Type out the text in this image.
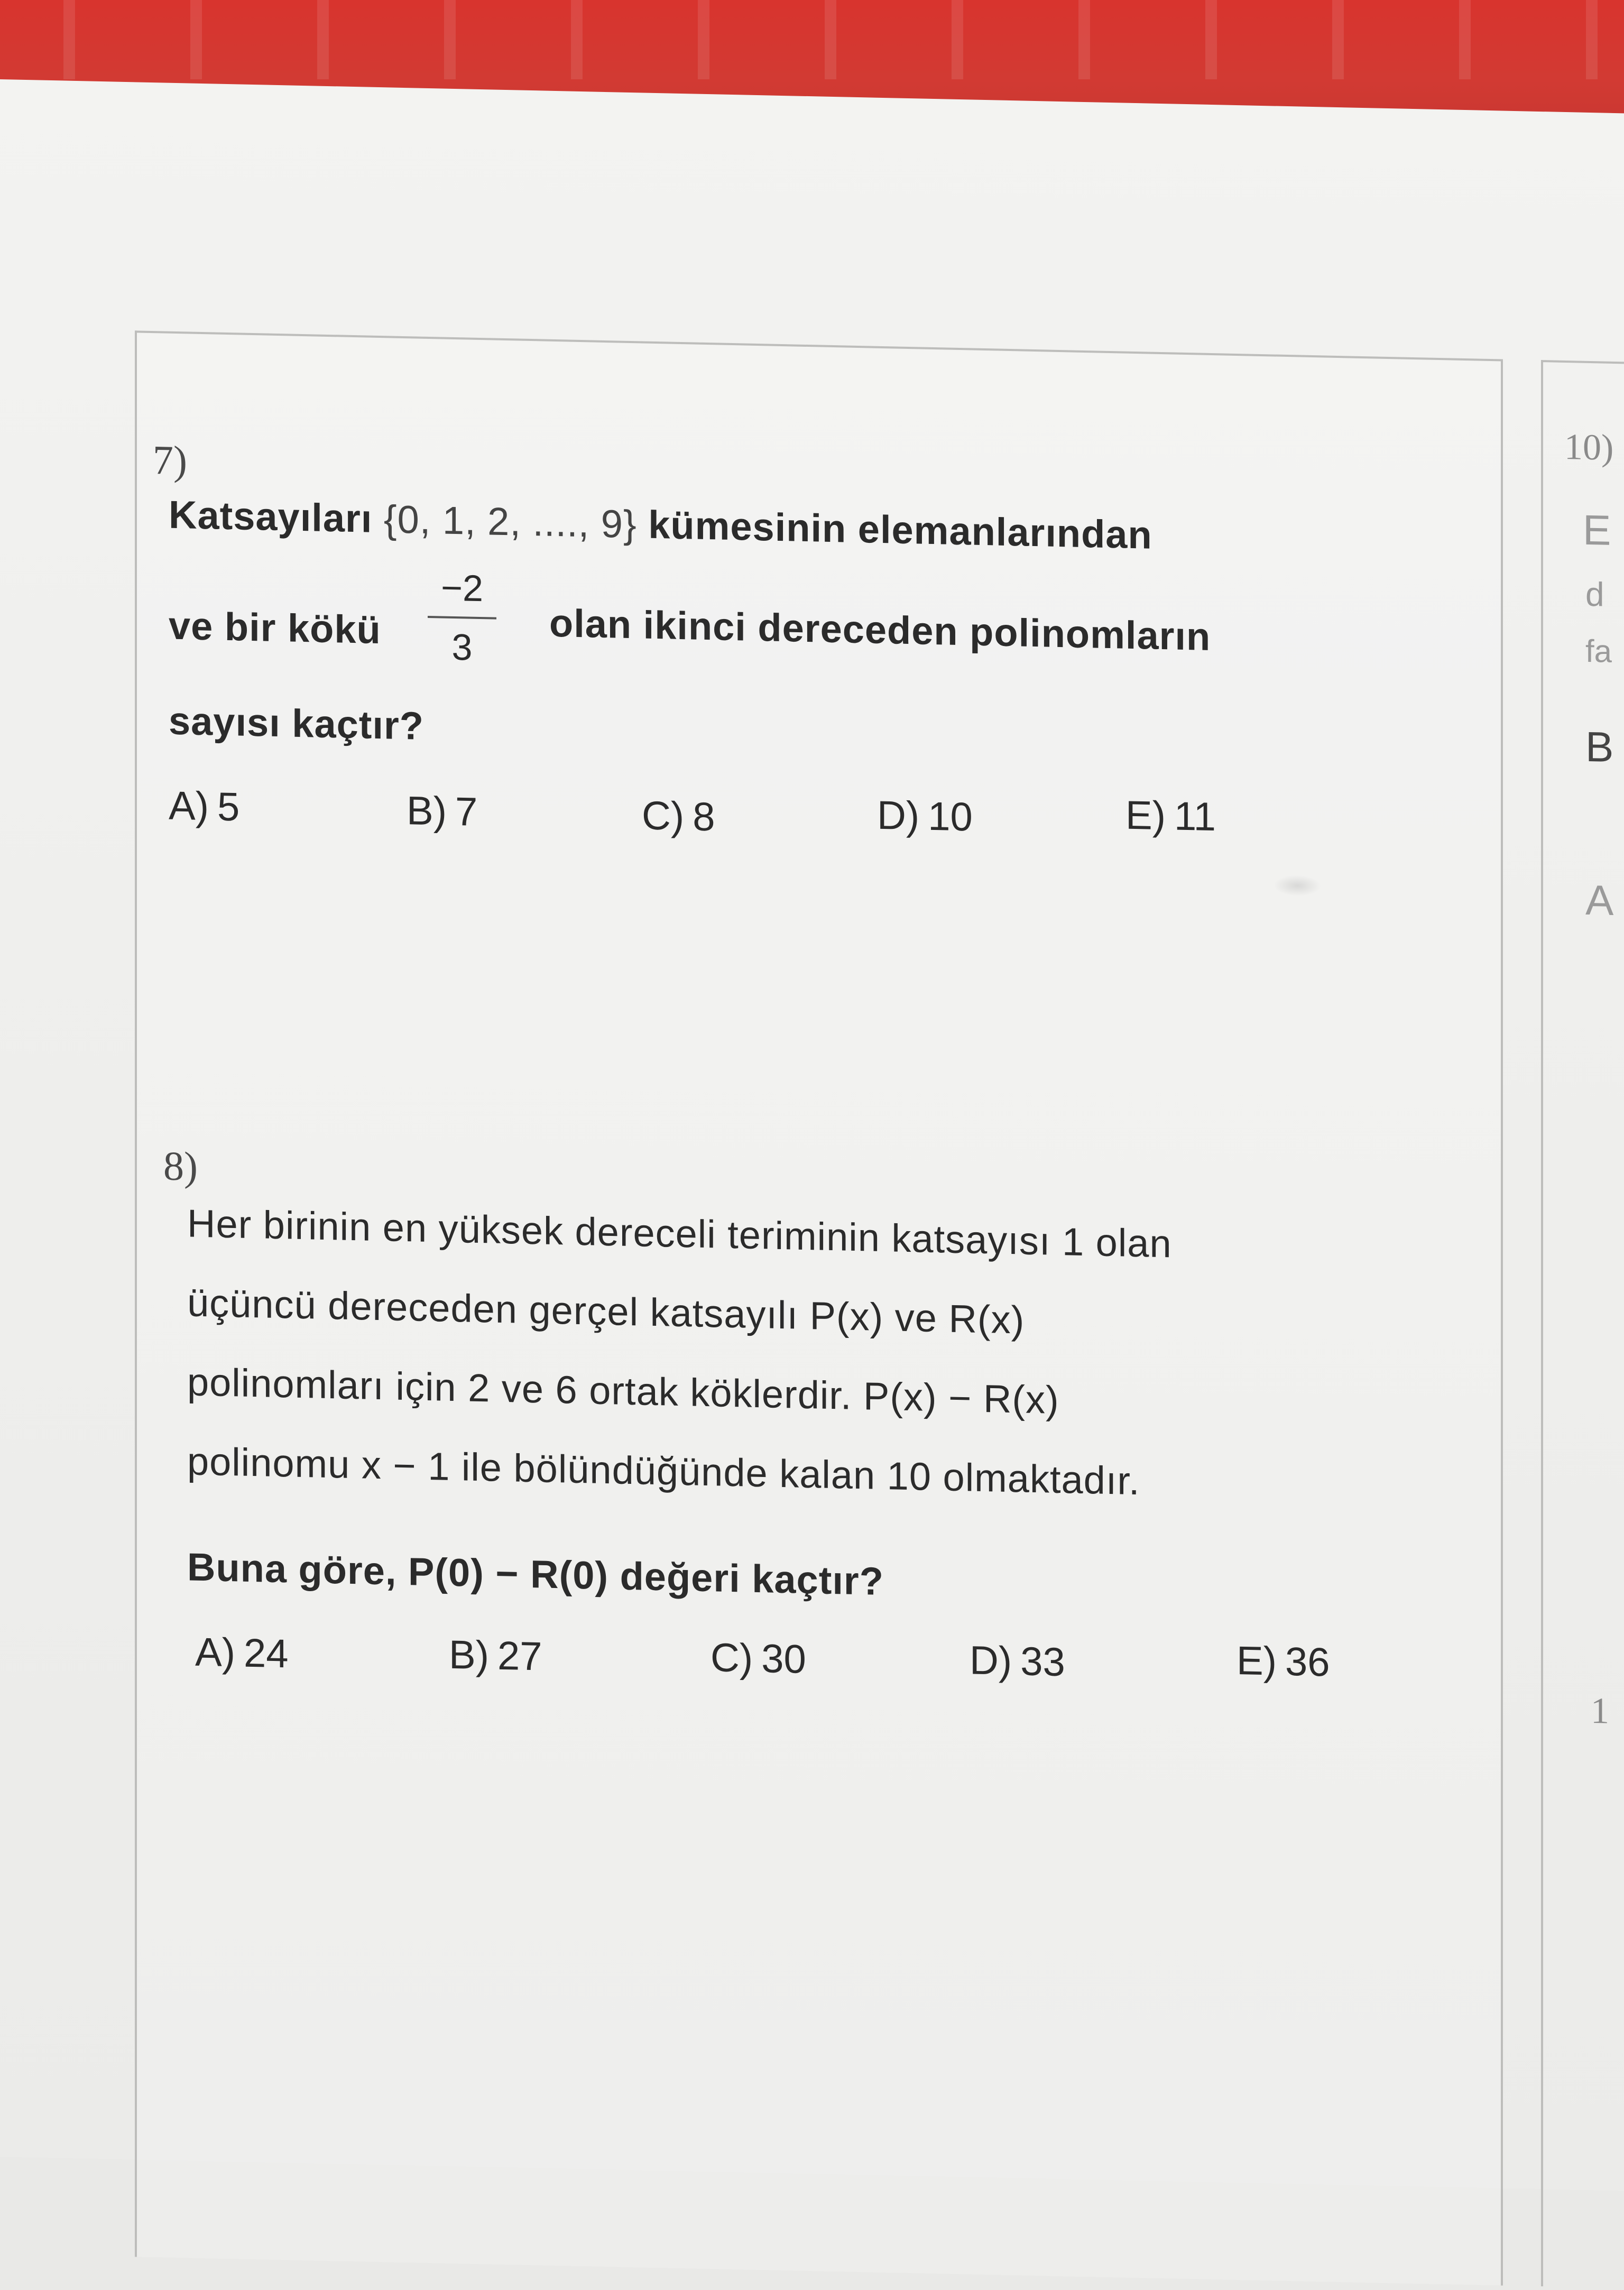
7)
Katsayıları {0, 1, 2, ...., 9} kümesinin elemanlarından
ve bir kökü
−2
3	olan ikinci dereceden polinomların
sayısı kaçtır?
A) 5	B) 7	C) 8	D) 10	E) 11
8)
Her birinin en yüksek dereceli teriminin katsayısı 1 olan
üçüncü dereceden gerçel katsayılı P(x) ve R(x)
polinomları için 2 ve 6 ortak köklerdir. P(x) − R(x)
polinomu x − 1 ile bölündüğünde kalan 10 olmaktadır.
Buna göre, P(0) − R(0) değeri kaçtır?
A) 24	B) 27	C) 30	D) 33	E) 36
10)
E
d
fa
B
A
1
